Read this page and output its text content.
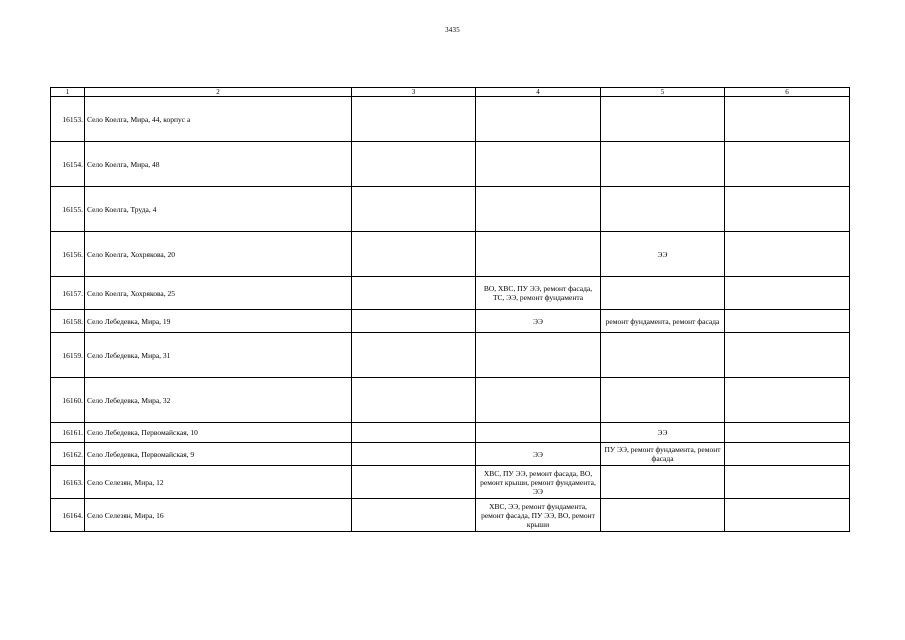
3435
1	2	3	4	5	6
16153.	Село Коелга, Мира, 44, корпус а				
16154.	Село Коелга, Мира, 48				
16155.	Село Коелга, Труда, 4				
16156.	Село Коелга, Хохрякова, 20			ЭЭ	
16157.	Село Коелга, Хохрякова, 25		ВО, ХВС, ПУ ЭЭ, ремонт фасада, ТС, ЭЭ, ремонт фундамента		
16158.	Село Лебедевка, Мира, 19		ЭЭ	ремонт фундамента, ремонт фасада	
16159.	Село Лебедевка, Мира, 31				
16160.	Село Лебедевка, Мира, 32				
16161.	Село Лебедевка, Первомайская, 10			ЭЭ	
16162.	Село Лебедевка, Первомайская, 9		ЭЭ	ПУ ЭЭ, ремонт фундамента, ремонт фасада	
16163.	Село Селезян, Мира, 12		ХВС, ПУ ЭЭ, ремонт фасада, ВО, ремонт крыши, ремонт фундамента, ЭЭ		
16164.	Село Селезян, Мира, 16		ХВС, ЭЭ, ремонт фундамента, ремонт фасада, ПУ ЭЭ, ВО, ремонт крыши		
